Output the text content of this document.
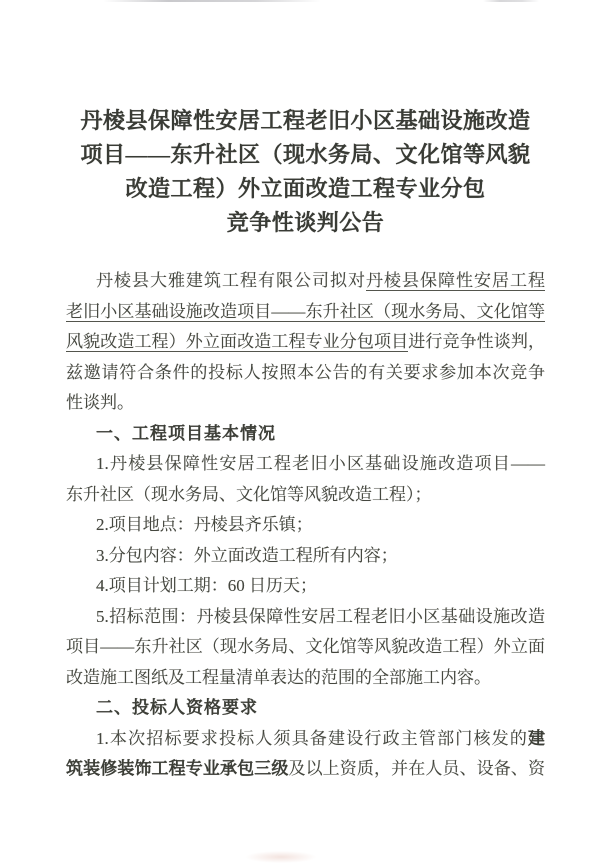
丹棱县保障性安居工程老旧小区基础设施改造
项目——东升社区（现水务局、文化馆等风貌
改造工程）外立面改造工程专业分包
竞争性谈判公告
丹棱县大雅建筑工程有限公司拟对丹棱县保障性安居工程
老旧小区基础设施改造项目——东升社区（现水务局、文化馆等
风貌改造工程）外立面改造工程专业分包项目进行竞争性谈判，
兹邀请符合条件的投标人按照本公告的有关要求参加本次竞争
性谈判。
一、工程项目基本情况
1.丹棱县保障性安居工程老旧小区基础设施改造项目——
东升社区（现水务局、文化馆等风貌改造工程）；
2.项目地点：丹棱县齐乐镇；
3.分包内容：外立面改造工程所有内容；
4.项目计划工期：60 日历天；
5.招标范围：丹棱县保障性安居工程老旧小区基础设施改造
项目——东升社区（现水务局、文化馆等风貌改造工程）外立面
改造施工图纸及工程量清单表达的范围的全部施工内容。
二、投标人资格要求
1.本次招标要求投标人须具备建设行政主管部门核发的建
筑装修装饰工程专业承包三级及以上资质，并在人员、设备、资
